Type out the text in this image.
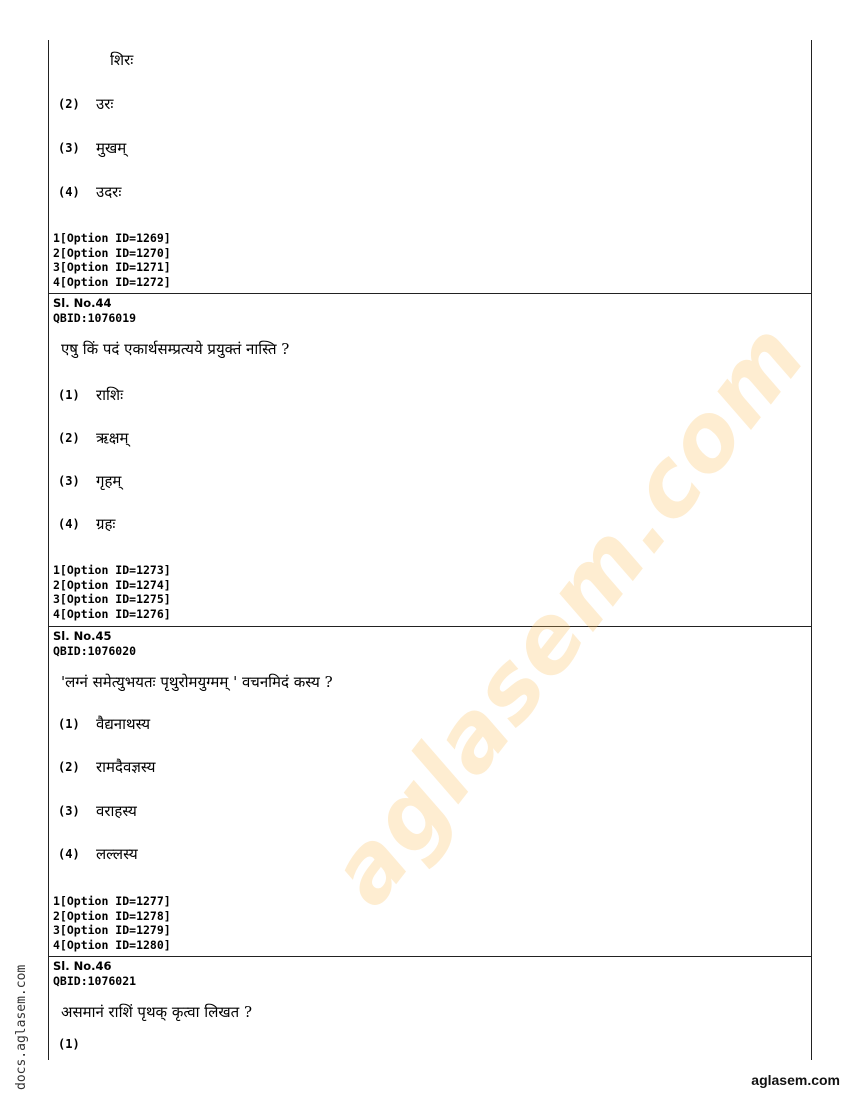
शिरः
(2)	उरः
(3)	मुखम्
(4)	उदरः
1[Option ID=1269]
2[Option ID=1270]
3[Option ID=1271]
4[Option ID=1272]
Sl. No.44
QBID:1076019
एषु किं पदं एकार्थसम्प्रत्यये प्रयुक्तं नास्ति ?
(1)	राशिः
(2)	ऋक्षम्
(3)	गृहम्
(4)	ग्रहः
1[Option ID=1273]
2[Option ID=1274]
3[Option ID=1275]
4[Option ID=1276]
Sl. No.45
QBID:1076020
'लग्नं समेत्युभयतः पृथुरोमयुग्मम् ' वचनमिदं कस्य ?
(1)	वैद्यनाथस्य
(2)	रामदैवज्ञस्य
(3)	वराहस्य
(4)	लल्लस्य
1[Option ID=1277]
2[Option ID=1278]
3[Option ID=1279]
4[Option ID=1280]
Sl. No.46
QBID:1076021
असमानं राशिं पृथक् कृत्वा लिखत ?
(1)
aglasem.com
docs.aglasem.com	aglasem.com
